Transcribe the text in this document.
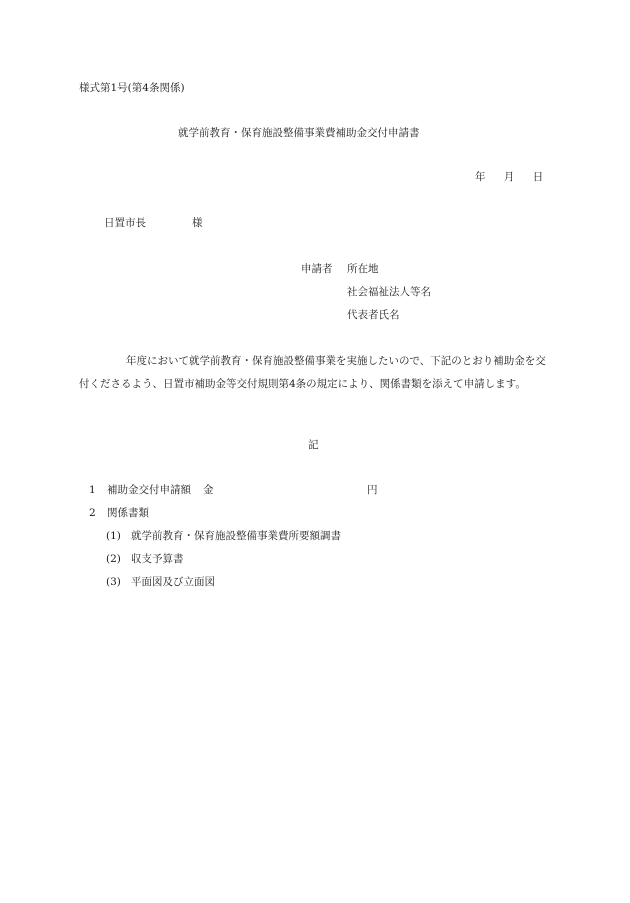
様式第1号(第4条関係)
就学前教育・保育施設整備事業費補助金交付申請書
年 月 日
日置市長	様
申請者 所在地
社会福祉法人等名
代表者氏名
年度において就学前教育・保育施設整備事業を実施したいので、下記のとおり補助金を交付くださるよう、日置市補助金等交付規則第4条の規定により、関係書類を添えて申請します。
記
1 補助金交付申請額 金	円
2 関係書類
(1) 就学前教育・保育施設整備事業費所要額調書
(2) 収支予算書
(3) 平面図及び立面図
